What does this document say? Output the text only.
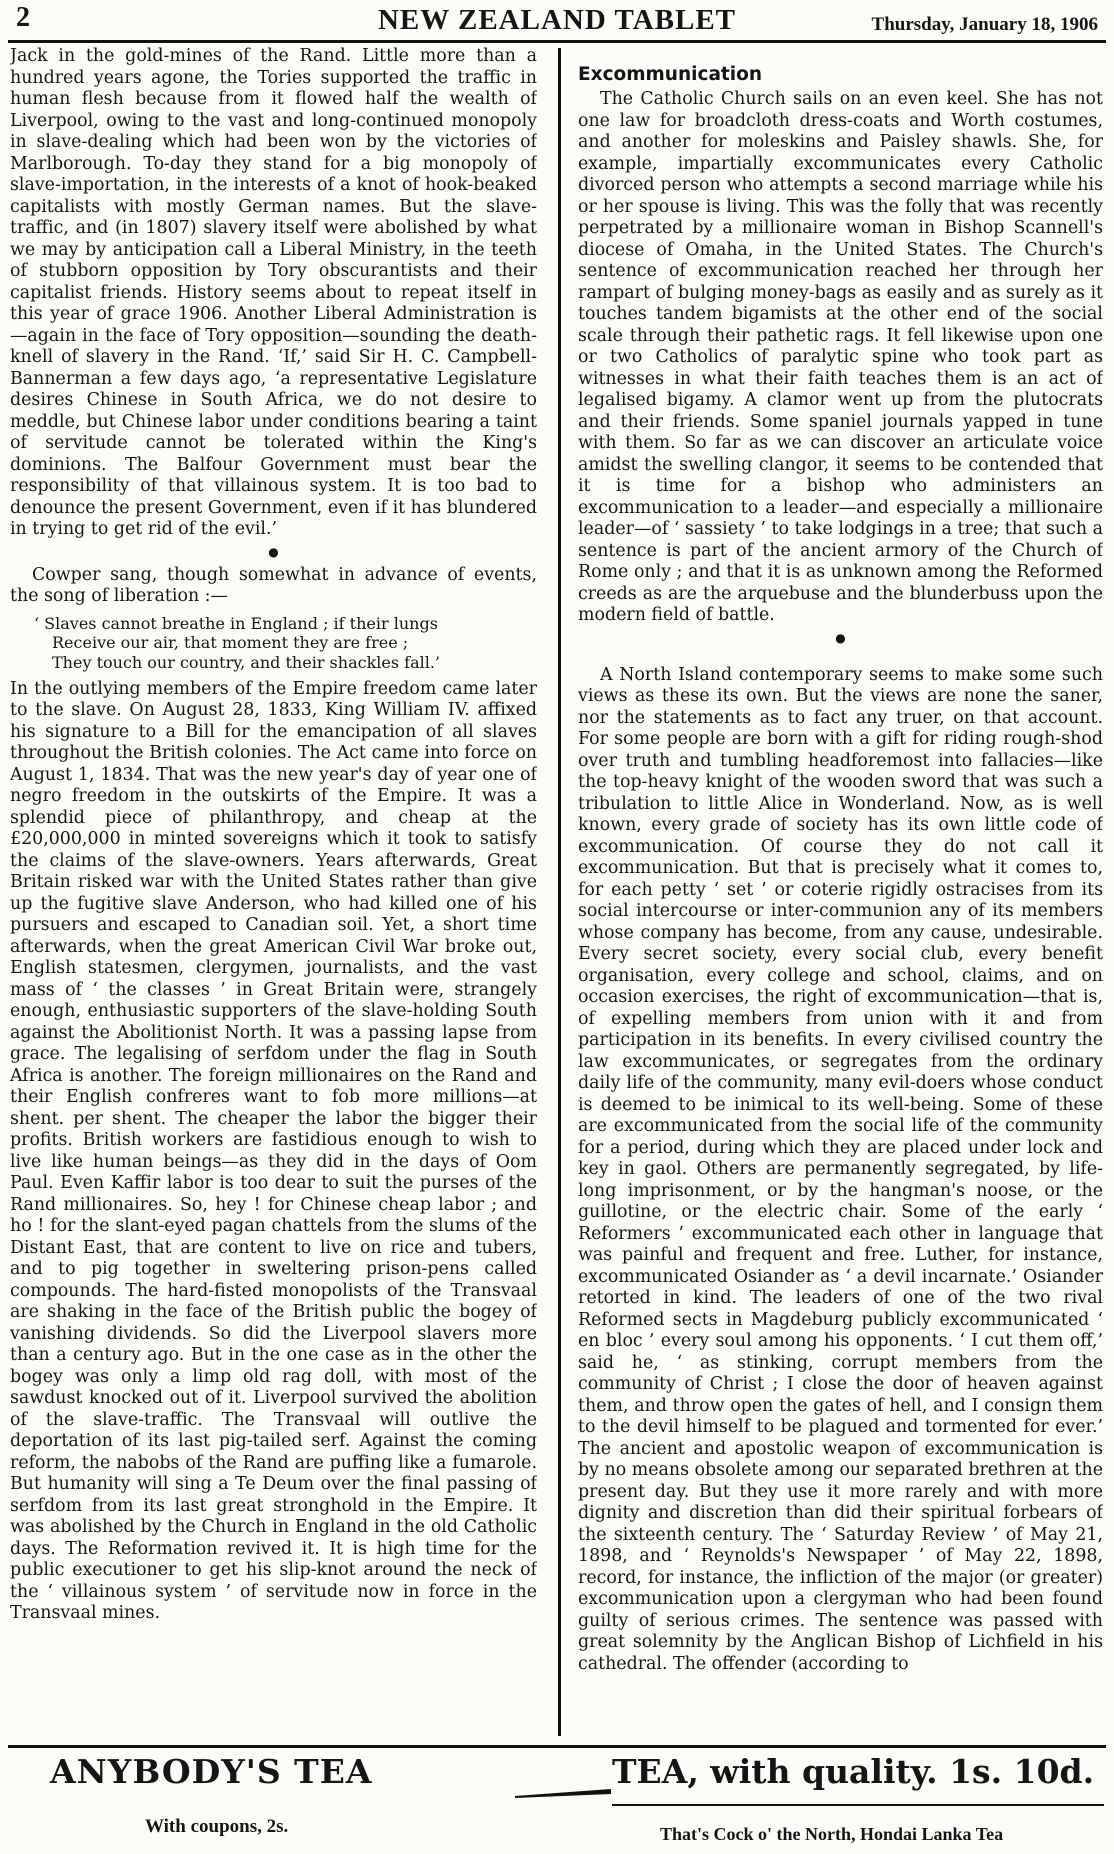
2	NEW ZEALAND TABLET	Thursday, January 18, 1906

Jack in the gold-mines of the Rand. Little more than a hundred years agone, the Tories supported the traffic in human flesh because from it flowed half the wealth of Liverpool, owing to the vast and long-continued monopoly in slave-dealing which had been won by the victories of Marlborough. To-day they stand for a big monopoly of slave-importation, in the interests of a knot of hook-beaked capitalists with mostly German names. But the slave-traffic, and (in 1807) slavery itself were abolished by what we may by anticipation call a Liberal Ministry, in the teeth of stubborn opposition by Tory obscurantists and their capitalist friends. History seems about to repeat itself in this year of grace 1906. Another Liberal Administration is—again in the face of Tory opposition—sounding the death-knell of slavery in the Rand. ‘If,’ said Sir H. C. Campbell-Bannerman a few days ago, ‘a representative Legislature desires Chinese in South Africa, we do not desire to meddle, but Chinese labor under conditions bearing a taint of servitude cannot be tolerated within the King's dominions. The Balfour Government must bear the responsibility of that villainous system. It is too bad to denounce the present Government, even if it has blundered in trying to get rid of the evil.’

●

Cowper sang, though somewhat in advance of events, the song of liberation :—

‘ Slaves cannot breathe in England ; if their lungs
Receive our air, that moment they are free ;
They touch our country, and their shackles fall.’

In the outlying members of the Empire freedom came later to the slave. On August 28, 1833, King William IV. affixed his signature to a Bill for the emancipation of all slaves throughout the British colonies. The Act came into force on August 1, 1834. That was the new year's day of year one of negro freedom in the outskirts of the Empire. It was a splendid piece of philanthropy, and cheap at the £20,000,000 in minted sovereigns which it took to satisfy the claims of the slave-owners. Years afterwards, Great Britain risked war with the United States rather than give up the fugitive slave Anderson, who had killed one of his pursuers and escaped to Canadian soil. Yet, a short time afterwards, when the great American Civil War broke out, English statesmen, clergymen, journalists, and the vast mass of ‘ the classes ’ in Great Britain were, strangely enough, enthusiastic supporters of the slave-holding South against the Abolitionist North. It was a passing lapse from grace. The legalising of serfdom under the flag in South Africa is another. The foreign millionaires on the Rand and their English confreres want to fob more millions—at shent. per shent. The cheaper the labor the bigger their profits. British workers are fastidious enough to wish to live like human beings—as they did in the days of Oom Paul. Even Kaffir labor is too dear to suit the purses of the Rand millionaires. So, hey ! for Chinese cheap labor ; and ho ! for the slant-eyed pagan chattels from the slums of the Distant East, that are content to live on rice and tubers, and to pig together in sweltering prison-pens called compounds. The hard-fisted monopolists of the Transvaal are shaking in the face of the British public the bogey of vanishing dividends. So did the Liverpool slavers more than a century ago. But in the one case as in the other the bogey was only a limp old rag doll, with most of the sawdust knocked out of it. Liverpool survived the abolition of the slave-traffic. The Transvaal will outlive the deportation of its last pig-tailed serf. Against the coming reform, the nabobs of the Rand are puffing like a fumarole. But humanity will sing a Te Deum over the final passing of serfdom from its last great stronghold in the Empire. It was abolished by the Church in England in the old Catholic days. The Reformation revived it. It is high time for the public executioner to get his slip-knot around the neck of the ‘ villainous system ’ of servitude now in force in the Transvaal mines.

Excommunication

The Catholic Church sails on an even keel. She has not one law for broadcloth dress-coats and Worth costumes, and another for moleskins and Paisley shawls. She, for example, impartially excommunicates every Catholic divorced person who attempts a second marriage while his or her spouse is living. This was the folly that was recently perpetrated by a millionaire woman in Bishop Scannell's diocese of Omaha, in the United States. The Church's sentence of excommunication reached her through her rampart of bulging money-bags as easily and as surely as it touches tandem bigamists at the other end of the social scale through their pathetic rags. It fell likewise upon one or two Catholics of paralytic spine who took part as witnesses in what their faith teaches them is an act of legalised bigamy. A clamor went up from the plutocrats and their friends. Some spaniel journals yapped in tune with them. So far as we can discover an articulate voice amidst the swelling clangor, it seems to be contended that it is time for a bishop who administers an excommunication to a leader—and especially a millionaire leader—of ‘ sassiety ’ to take lodgings in a tree; that such a sentence is part of the ancient armory of the Church of Rome only ; and that it is as unknown among the Reformed creeds as are the arquebuse and the blunderbuss upon the modern field of battle.

●

A North Island contemporary seems to make some such views as these its own. But the views are none the saner, nor the statements as to fact any truer, on that account. For some people are born with a gift for riding rough-shod over truth and tumbling headforemost into fallacies—like the top-heavy knight of the wooden sword that was such a tribulation to little Alice in Wonderland. Now, as is well known, every grade of society has its own little code of excommunication. Of course they do not call it excommunication. But that is precisely what it comes to, for each petty ‘ set ’ or coterie rigidly ostracises from its social intercourse or inter-communion any of its members whose company has become, from any cause, undesirable. Every secret society, every social club, every benefit organisation, every college and school, claims, and on occasion exercises, the right of excommunication—that is, of expelling members from union with it and from participation in its benefits. In every civilised country the law excommunicates, or segregates from the ordinary daily life of the community, many evil-doers whose conduct is deemed to be inimical to its well-being. Some of these are excommunicated from the social life of the community for a period, during which they are placed under lock and key in gaol. Others are permanently segregated, by life-long imprisonment, or by the hangman's noose, or the guillotine, or the electric chair. Some of the early ‘ Reformers ’ excommunicated each other in language that was painful and frequent and free. Luther, for instance, excommunicated Osiander as ‘ a devil incarnate.’ Osiander retorted in kind. The leaders of one of the two rival Reformed sects in Magdeburg publicly excommunicated ‘ en bloc ’ every soul among his opponents. ‘ I cut them off,’ said he, ‘ as stinking, corrupt members from the community of Christ ; I close the door of heaven against them, and throw open the gates of hell, and I consign them to the devil himself to be plagued and tormented for ever.’ The ancient and apostolic weapon of excommunication is by no means obsolete among our separated brethren at the present day. But they use it more rarely and with more dignity and discretion than did their spiritual forbears of the sixteenth century. The ‘ Saturday Review ’ of May 21, 1898, and ‘ Reynolds's Newspaper ’ of May 22, 1898, record, for instance, the infliction of the major (or greater) excommunication upon a clergyman who had been found guilty of serious crimes. The sentence was passed with great solemnity by the Anglican Bishop of Lichfield in his cathedral. The offender (according to

ANYBODY'S TEA
With coupons, 2s.
TEA, with quality. 1s. 10d.
That's Cock o' the North, Hondai Lanka Tea
